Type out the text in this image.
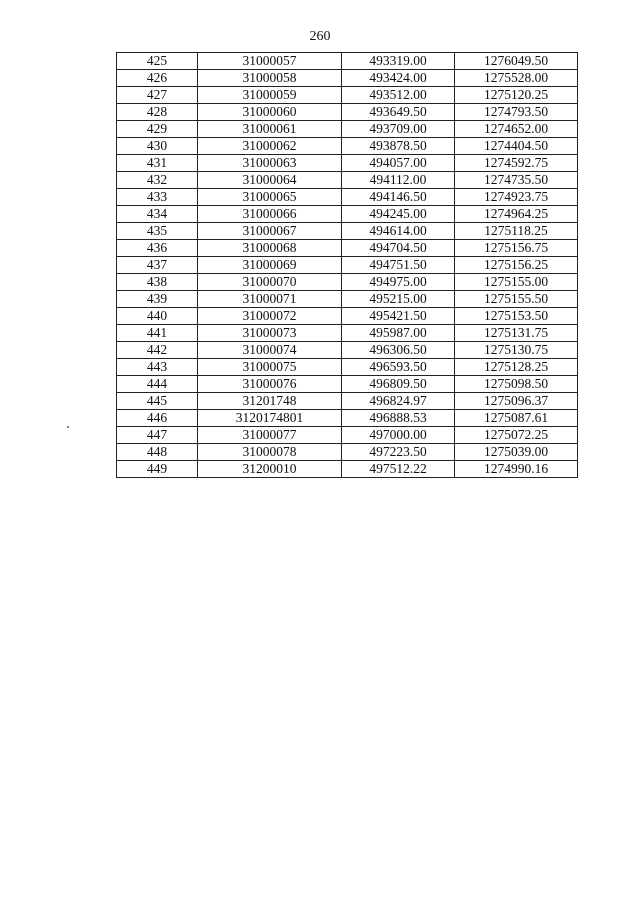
260
425	31000057	493319.00	1276049.50
426	31000058	493424.00	1275528.00
427	31000059	493512.00	1275120.25
428	31000060	493649.50	1274793.50
429	31000061	493709.00	1274652.00
430	31000062	493878.50	1274404.50
431	31000063	494057.00	1274592.75
432	31000064	494112.00	1274735.50
433	31000065	494146.50	1274923.75
434	31000066	494245.00	1274964.25
435	31000067	494614.00	1275118.25
436	31000068	494704.50	1275156.75
437	31000069	494751.50	1275156.25
438	31000070	494975.00	1275155.00
439	31000071	495215.00	1275155.50
440	31000072	495421.50	1275153.50
441	31000073	495987.00	1275131.75
442	31000074	496306.50	1275130.75
443	31000075	496593.50	1275128.25
444	31000076	496809.50	1275098.50
445	31201748	496824.97	1275096.37
446	3120174801	496888.53	1275087.61
447	31000077	497000.00	1275072.25
448	31000078	497223.50	1275039.00
449	31200010	497512.22	1274990.16
